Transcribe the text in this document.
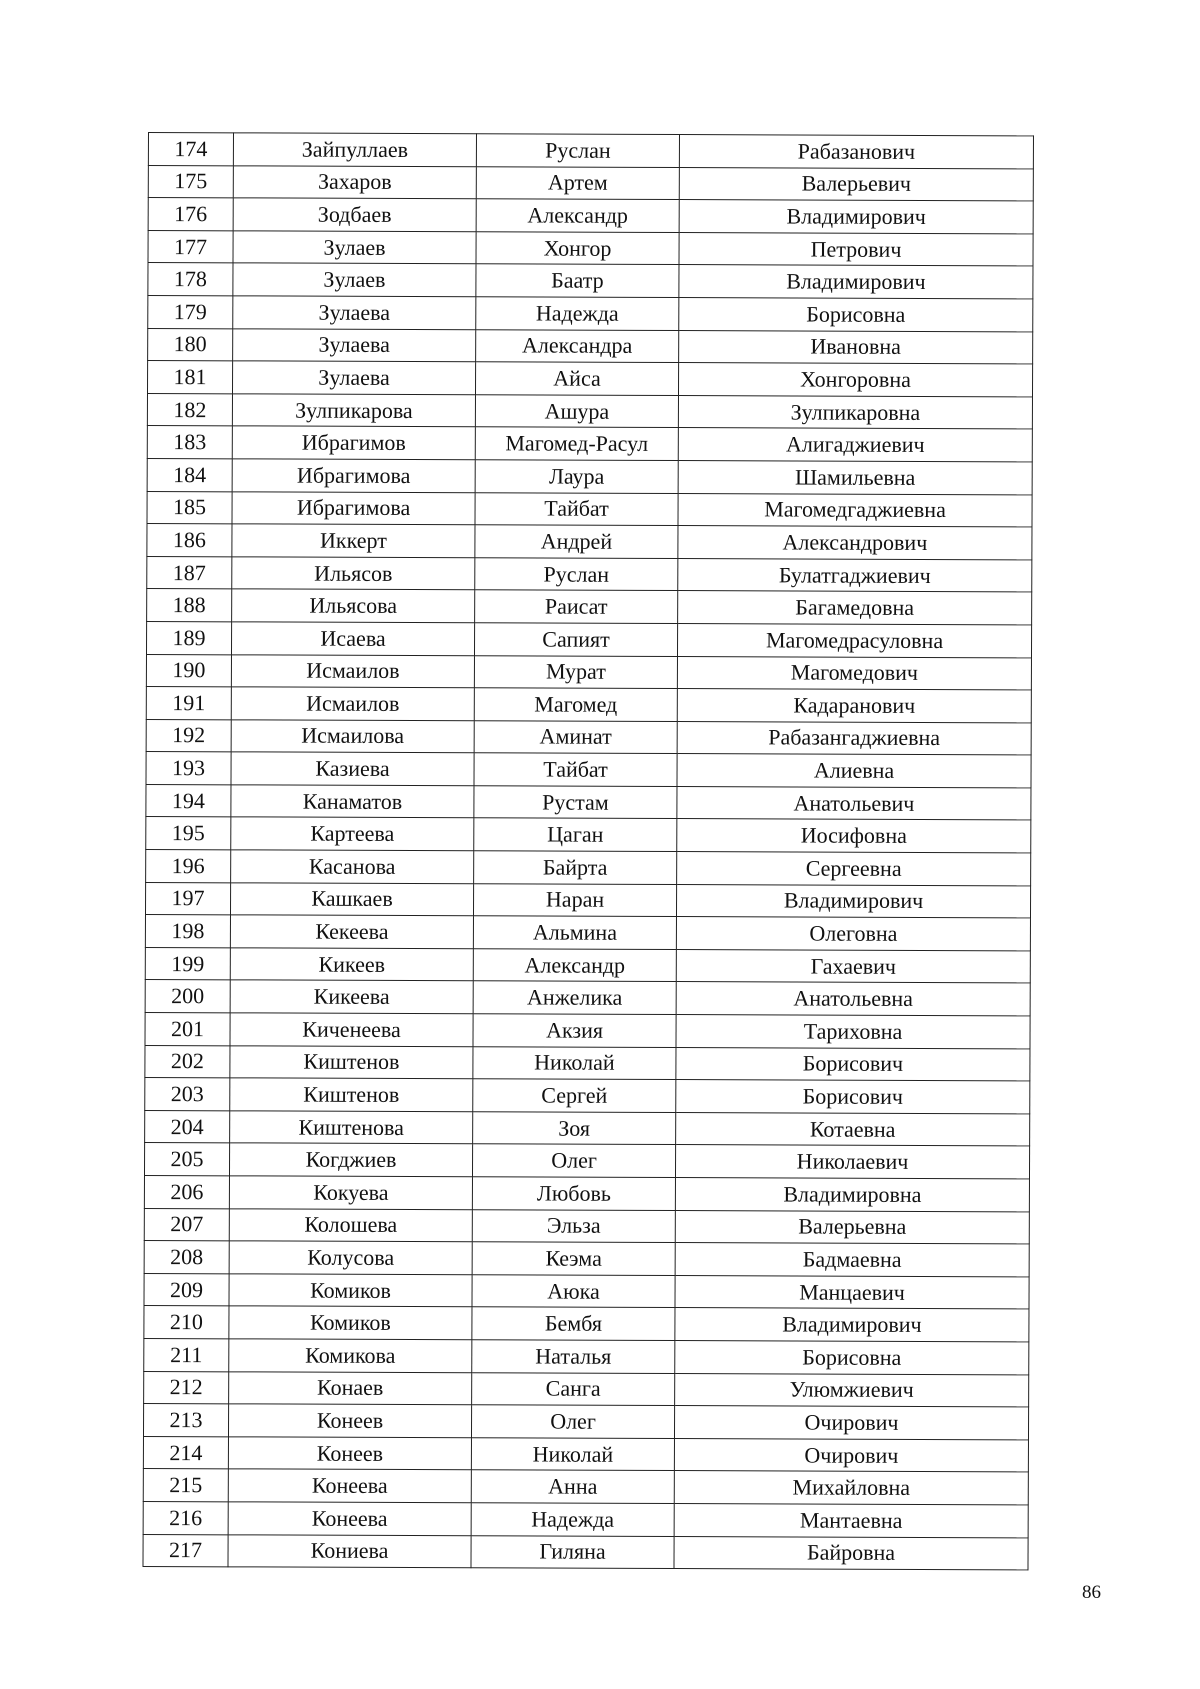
174	Зайпуллаев	Руслан	Рабазанович
175	Захаров	Артем	Валерьевич
176	Зодбаев	Александр	Владимирович
177	Зулаев	Хонгор	Петрович
178	Зулаев	Баатр	Владимирович
179	Зулаева	Надежда	Борисовна
180	Зулаева	Александра	Ивановна
181	Зулаева	Айса	Хонгоровна
182	Зулпикарова	Ашура	Зулпикаровна
183	Ибрагимов	Магомед-Расул	Алигаджиевич
184	Ибрагимова	Лаура	Шамильевна
185	Ибрагимова	Тайбат	Магомедгаджиевна
186	Иккерт	Андрей	Александрович
187	Ильясов	Руслан	Булатгаджиевич
188	Ильясова	Раисат	Багамедовна
189	Исаева	Сапият	Магомедрасуловна
190	Исмаилов	Мурат	Магомедович
191	Исмаилов	Магомед	Кадаранович
192	Исмаилова	Аминат	Рабазангаджиевна
193	Казиева	Тайбат	Алиевна
194	Канаматов	Рустам	Анатольевич
195	Картеева	Цаган	Иосифовна
196	Касанова	Байрта	Сергеевна
197	Кашкаев	Наран	Владимирович
198	Кекеева	Альмина	Олеговна
199	Кикеев	Александр	Гахаевич
200	Кикеева	Анжелика	Анатольевна
201	Киченеева	Акзия	Тариховна
202	Киштенов	Николай	Борисович
203	Киштенов	Сергей	Борисович
204	Киштенова	Зоя	Котаевна
205	Когджиев	Олег	Николаевич
206	Кокуева	Любовь	Владимировна
207	Колошева	Эльза	Валерьевна
208	Колусова	Кеэма	Бадмаевна
209	Комиков	Аюка	Манцаевич
210	Комиков	Бембя	Владимирович
211	Комикова	Наталья	Борисовна
212	Конаев	Санга	Улюмжиевич
213	Конеев	Олег	Очирович
214	Конеев	Николай	Очирович
215	Конеева	Анна	Михайловна
216	Конеева	Надежда	Мантаевна
217	Кониева	Гиляна	Байровна
86
